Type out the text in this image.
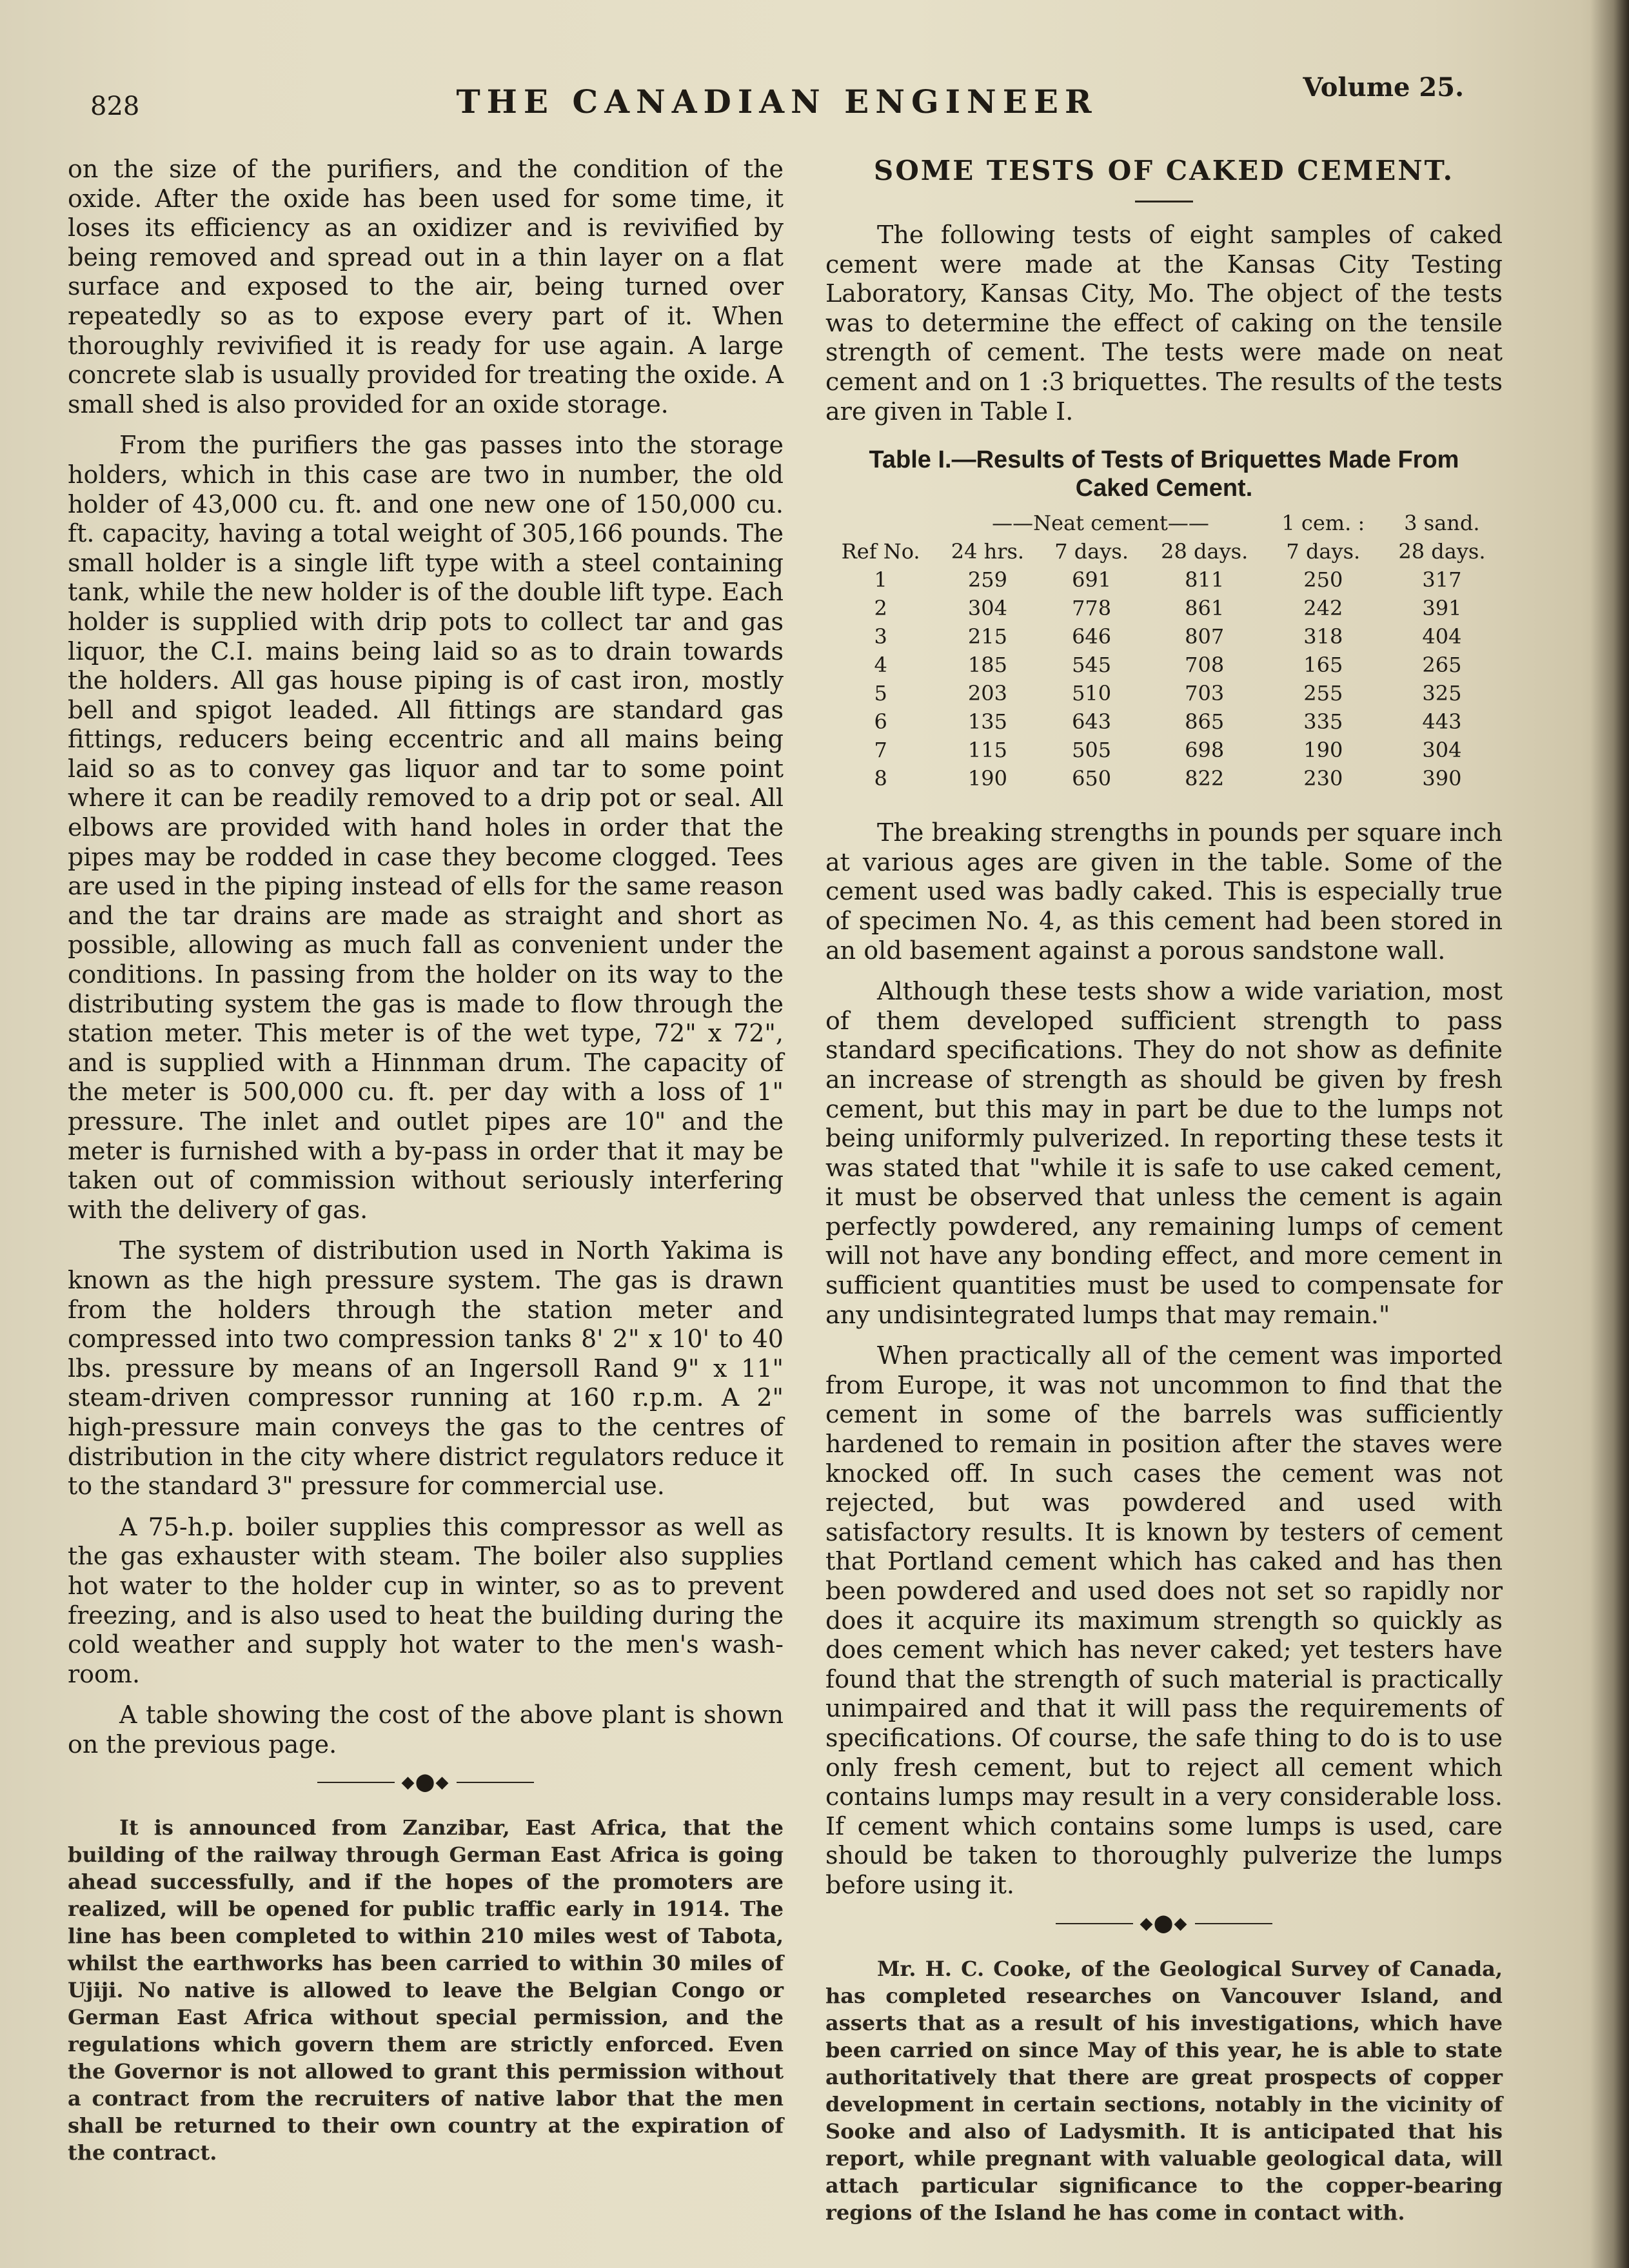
828	THE CANADIAN ENGINEER	Volume 25.

on the size of the purifiers, and the condition of the oxide. After the oxide has been used for some time, it loses its efficiency as an oxidizer and is revivified by being removed and spread out in a thin layer on a flat surface and exposed to the air, being turned over repeatedly so as to expose every part of it. When thoroughly revivified it is ready for use again. A large concrete slab is usually provided for treating the oxide. A small shed is also provided for an oxide storage.

From the purifiers the gas passes into the storage holders, which in this case are two in number, the old holder of 43,000 cu. ft. and one new one of 150,000 cu. ft. capacity, having a total weight of 305,166 pounds. The small holder is a single lift type with a steel containing tank, while the new holder is of the double lift type. Each holder is supplied with drip pots to collect tar and gas liquor, the C.I. mains being laid so as to drain towards the holders. All gas house piping is of cast iron, mostly bell and spigot leaded. All fittings are standard gas fittings, reducers being eccentric and all mains being laid so as to convey gas liquor and tar to some point where it can be readily removed to a drip pot or seal. All elbows are provided with hand holes in order that the pipes may be rodded in case they become clogged. Tees are used in the piping instead of ells for the same reason and the tar drains are made as straight and short as possible, allowing as much fall as convenient under the conditions. In passing from the holder on its way to the distributing system the gas is made to flow through the station meter. This meter is of the wet type, 72" x 72", and is supplied with a Hinnman drum. The capacity of the meter is 500,000 cu. ft. per day with a loss of 1" pressure. The inlet and outlet pipes are 10" and the meter is furnished with a by-pass in order that it may be taken out of commission without seriously interfering with the delivery of gas.

The system of distribution used in North Yakima is known as the high pressure system. The gas is drawn from the holders through the station meter and compressed into two compression tanks 8' 2" x 10' to 40 lbs. pressure by means of an Ingersoll Rand 9" x 11" steam-driven compressor running at 160 r.p.m. A 2" high-pressure main conveys the gas to the centres of distribution in the city where district regulators reduce it to the standard 3" pressure for commercial use.

A 75-h.p. boiler supplies this compressor as well as the gas exhauster with steam. The boiler also supplies hot water to the holder cup in winter, so as to prevent freezing, and is also used to heat the building during the cold weather and supply hot water to the men's wash-room.

A table showing the cost of the above plant is shown on the previous page.

◆⬤◆

It is announced from Zanzibar, East Africa, that the building of the railway through German East Africa is going ahead successfully, and if the hopes of the promoters are realized, will be opened for public traffic early in 1914. The line has been completed to within 210 miles west of Tabota, whilst the earthworks has been carried to within 30 miles of Ujiji. No native is allowed to leave the Belgian Congo or German East Africa without special permission, and the regulations which govern them are strictly enforced. Even the Governor is not allowed to grant this permission without a contract from the recruiters of native labor that the men shall be returned to their own country at the expiration of the contract.

SOME TESTS OF CAKED CEMENT.

The following tests of eight samples of caked cement were made at the Kansas City Testing Laboratory, Kansas City, Mo. The object of the tests was to determine the effect of caking on the tensile strength of cement. The tests were made on neat cement and on 1 :3 briquettes. The results of the tests are given in Table I.

Table I.—Results of Tests of Briquettes Made From
Caked Cement.
	——Neat cement——			1 cem. :	3 sand.
Ref No.	24 hrs.	7 days.	28 days.	7 days.	28 days.
1	259	691	811	250	317
2	304	778	861	242	391
3	215	646	807	318	404
4	185	545	708	165	265
5	203	510	703	255	325
6	135	643	865	335	443
7	115	505	698	190	304
8	190	650	822	230	390

The breaking strengths in pounds per square inch at various ages are given in the table. Some of the cement used was badly caked. This is especially true of specimen No. 4, as this cement had been stored in an old basement against a porous sandstone wall.

Although these tests show a wide variation, most of them developed sufficient strength to pass standard specifications. They do not show as definite an increase of strength as should be given by fresh cement, but this may in part be due to the lumps not being uniformly pulverized. In reporting these tests it was stated that "while it is safe to use caked cement, it must be observed that unless the cement is again perfectly powdered, any remaining lumps of cement will not have any bonding effect, and more cement in sufficient quantities must be used to compensate for any undisintegrated lumps that may remain."

When practically all of the cement was imported from Europe, it was not uncommon to find that the cement in some of the barrels was sufficiently hardened to remain in position after the staves were knocked off. In such cases the cement was not rejected, but was powdered and used with satisfactory results. It is known by testers of cement that Portland cement which has caked and has then been powdered and used does not set so rapidly nor does it acquire its maximum strength so quickly as does cement which has never caked; yet testers have found that the strength of such material is practically unimpaired and that it will pass the requirements of specifications. Of course, the safe thing to do is to use only fresh cement, but to reject all cement which contains lumps may result in a very considerable loss. If cement which contains some lumps is used, care should be taken to thoroughly pulverize the lumps before using it.

◆⬤◆

Mr. H. C. Cooke, of the Geological Survey of Canada, has completed researches on Vancouver Island, and asserts that as a result of his investigations, which have been carried on since May of this year, he is able to state authoritatively that there are great prospects of copper development in certain sections, notably in the vicinity of Sooke and also of Ladysmith. It is anticipated that his report, while pregnant with valuable geological data, will attach particular significance to the copper-bearing regions of the Island he has come in contact with.
